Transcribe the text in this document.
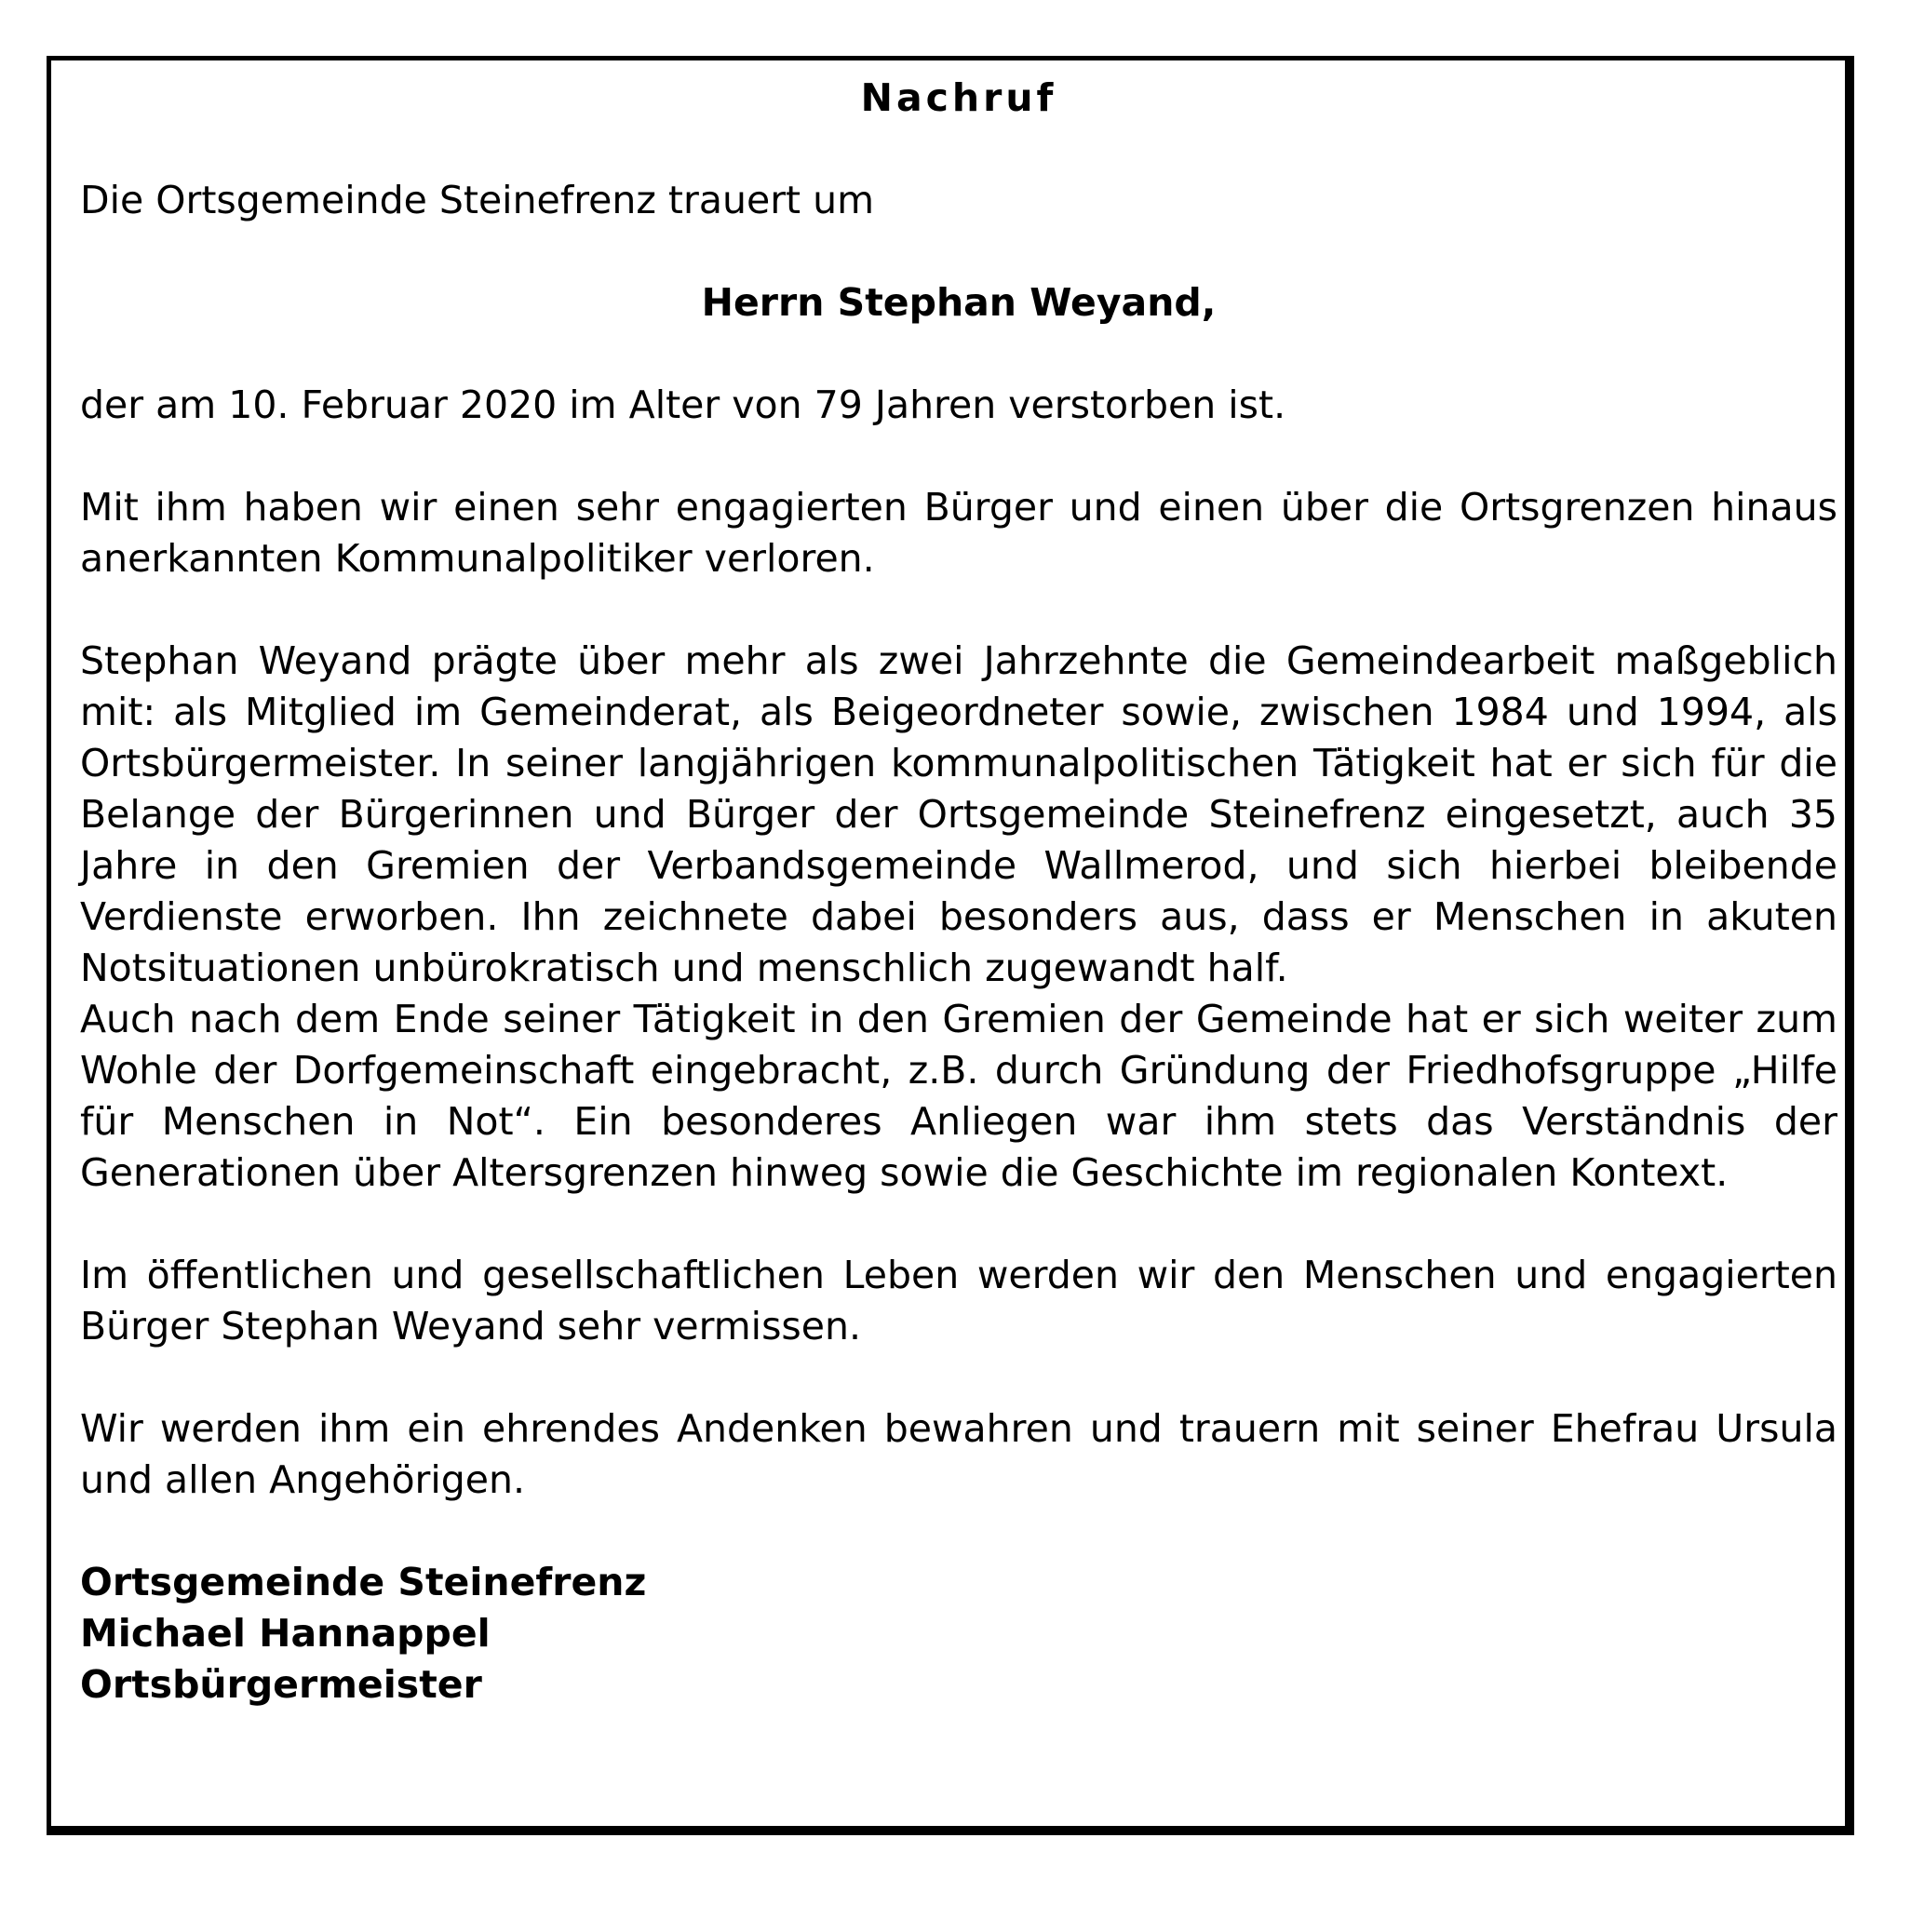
Nachruf

Die Ortsgemeinde Steinefrenz trauert um

Herrn Stephan Weyand,

der am 10. Februar 2020 im Alter von 79 Jahren verstorben ist.

Mit ihm haben wir einen sehr engagierten Bürger und einen über die Ortsgrenzen hinaus anerkannten Kommunalpolitiker verloren.

Stephan Weyand prägte über mehr als zwei Jahrzehnte die Gemeindearbeit maßgeblich mit: als Mitglied im Gemeinderat, als Beigeordneter sowie, zwischen 1984 und 1994, als Ortsbürgermeister. In seiner langjährigen kommunalpolitischen Tätigkeit hat er sich für die Belange der Bürgerinnen und Bürger der Ortsgemeinde Steinefrenz eingesetzt, auch 35 Jahre in den Gremien der Verbandsgemeinde Wallmerod, und sich hierbei bleibende Verdienste erworben. Ihn zeichnete dabei besonders aus, dass er Menschen in akuten Notsituationen unbürokratisch und menschlich zugewandt half.

Auch nach dem Ende seiner Tätigkeit in den Gremien der Gemeinde hat er sich weiter zum Wohle der Dorfgemeinschaft eingebracht, z.B. durch Gründung der Friedhofsgruppe „Hilfe für Menschen in Not“. Ein besonderes Anliegen war ihm stets das Verständnis der Generationen über Altersgrenzen hinweg sowie die Geschichte im regionalen Kontext.

Im öffentlichen und gesellschaftlichen Leben werden wir den Menschen und engagierten Bürger Stephan Weyand sehr vermissen.

Wir werden ihm ein ehrendes Andenken bewahren und trauern mit seiner Ehefrau Ursula und allen Angehörigen.

Ortsgemeinde Steinefrenz

Michael Hannappel

Ortsbürgermeister
